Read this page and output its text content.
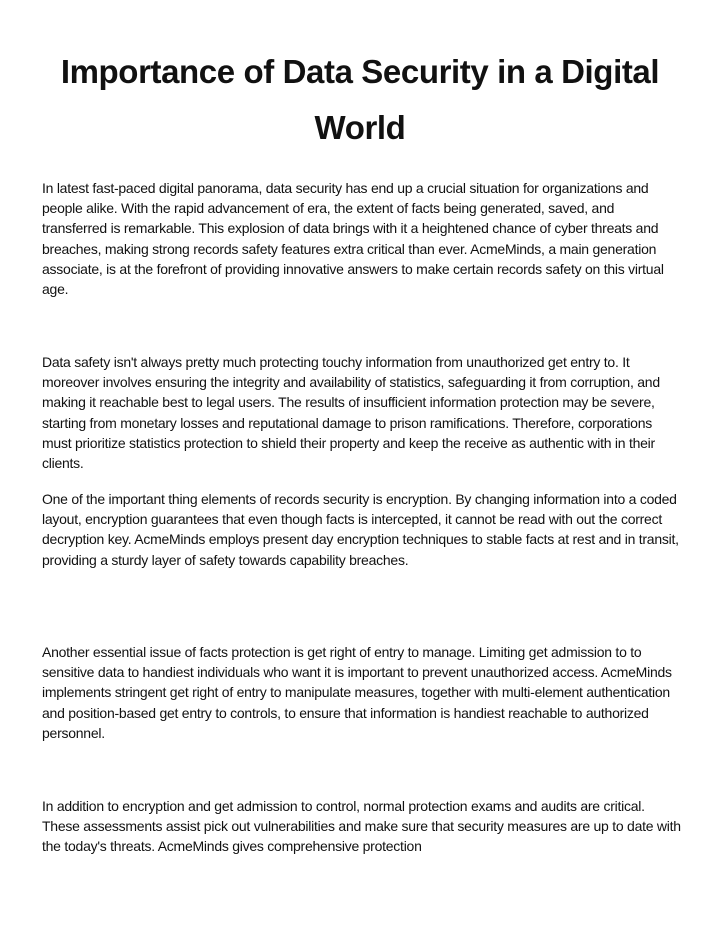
Importance of Data Security in a Digital World

In latest fast-paced digital panorama, data security has end up a crucial situation for organizations and people alike. With the rapid advancement of era, the extent of facts being generated, saved, and transferred is remarkable. This explosion of data brings with it a heightened chance of cyber threats and breaches, making strong records safety features extra critical than ever. AcmeMinds, a main generation associate, is at the forefront of providing innovative answers to make certain records safety on this virtual age.

Data safety isn't always pretty much protecting touchy information from unauthorized get entry to. It moreover involves ensuring the integrity and availability of statistics, safeguarding it from corruption, and making it reachable best to legal users. The results of insufficient information protection may be severe, starting from monetary losses and reputational damage to prison ramifications. Therefore, corporations must prioritize statistics protection to shield their property and keep the receive as authentic with in their clients.

One of the important thing elements of records security is encryption. By changing information into a coded layout, encryption guarantees that even though facts is intercepted, it cannot be read with out the correct decryption key. AcmeMinds employs present day encryption techniques to stable facts at rest and in transit, providing a sturdy layer of safety towards capability breaches.

Another essential issue of facts protection is get right of entry to manage. Limiting get admission to to sensitive data to handiest individuals who want it is important to prevent unauthorized access. AcmeMinds implements stringent get right of entry to manipulate measures, together with multi-element authentication and position-based get entry to controls, to ensure that information is handiest reachable to authorized personnel.

In addition to encryption and get admission to control, normal protection exams and audits are critical. These assessments assist pick out vulnerabilities and make sure that security measures are up to date with the today's threats. AcmeMinds gives comprehensive protection
